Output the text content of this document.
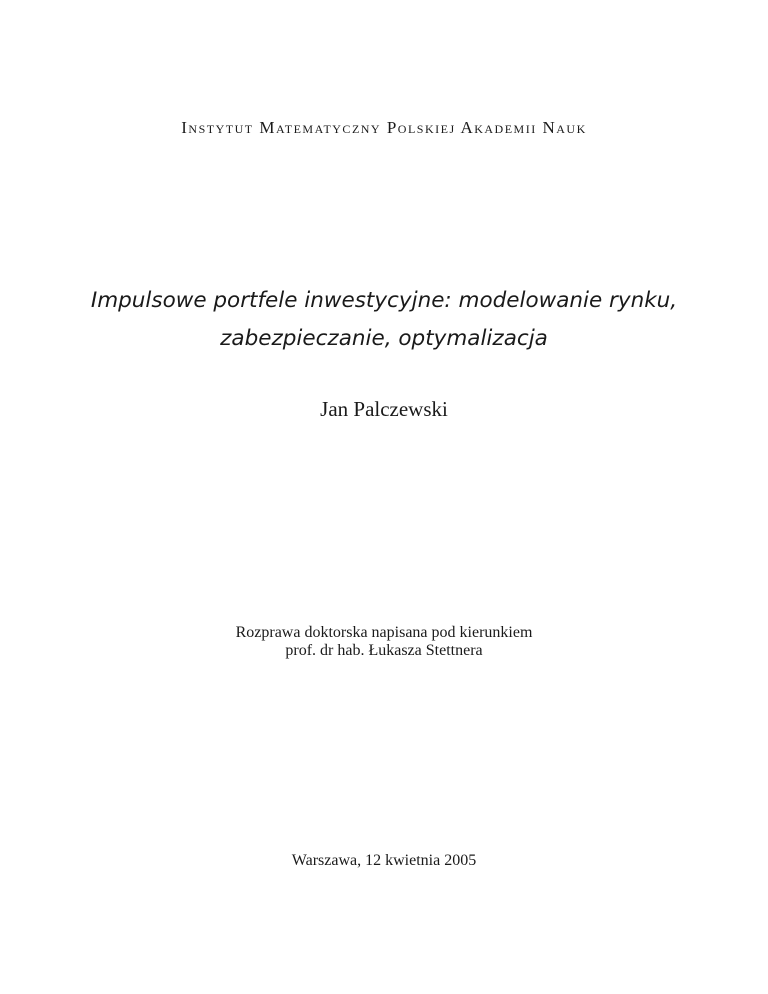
Instytut Matematyczny Polskiej Akademii Nauk
Impulsowe portfele inwestycyjne: modelowanie rynku,
zabezpieczanie, optymalizacja
Jan Palczewski
Rozprawa doktorska napisana pod kierunkiem
prof. dr hab. Łukasza Stettnera
Warszawa, 12 kwietnia 2005
